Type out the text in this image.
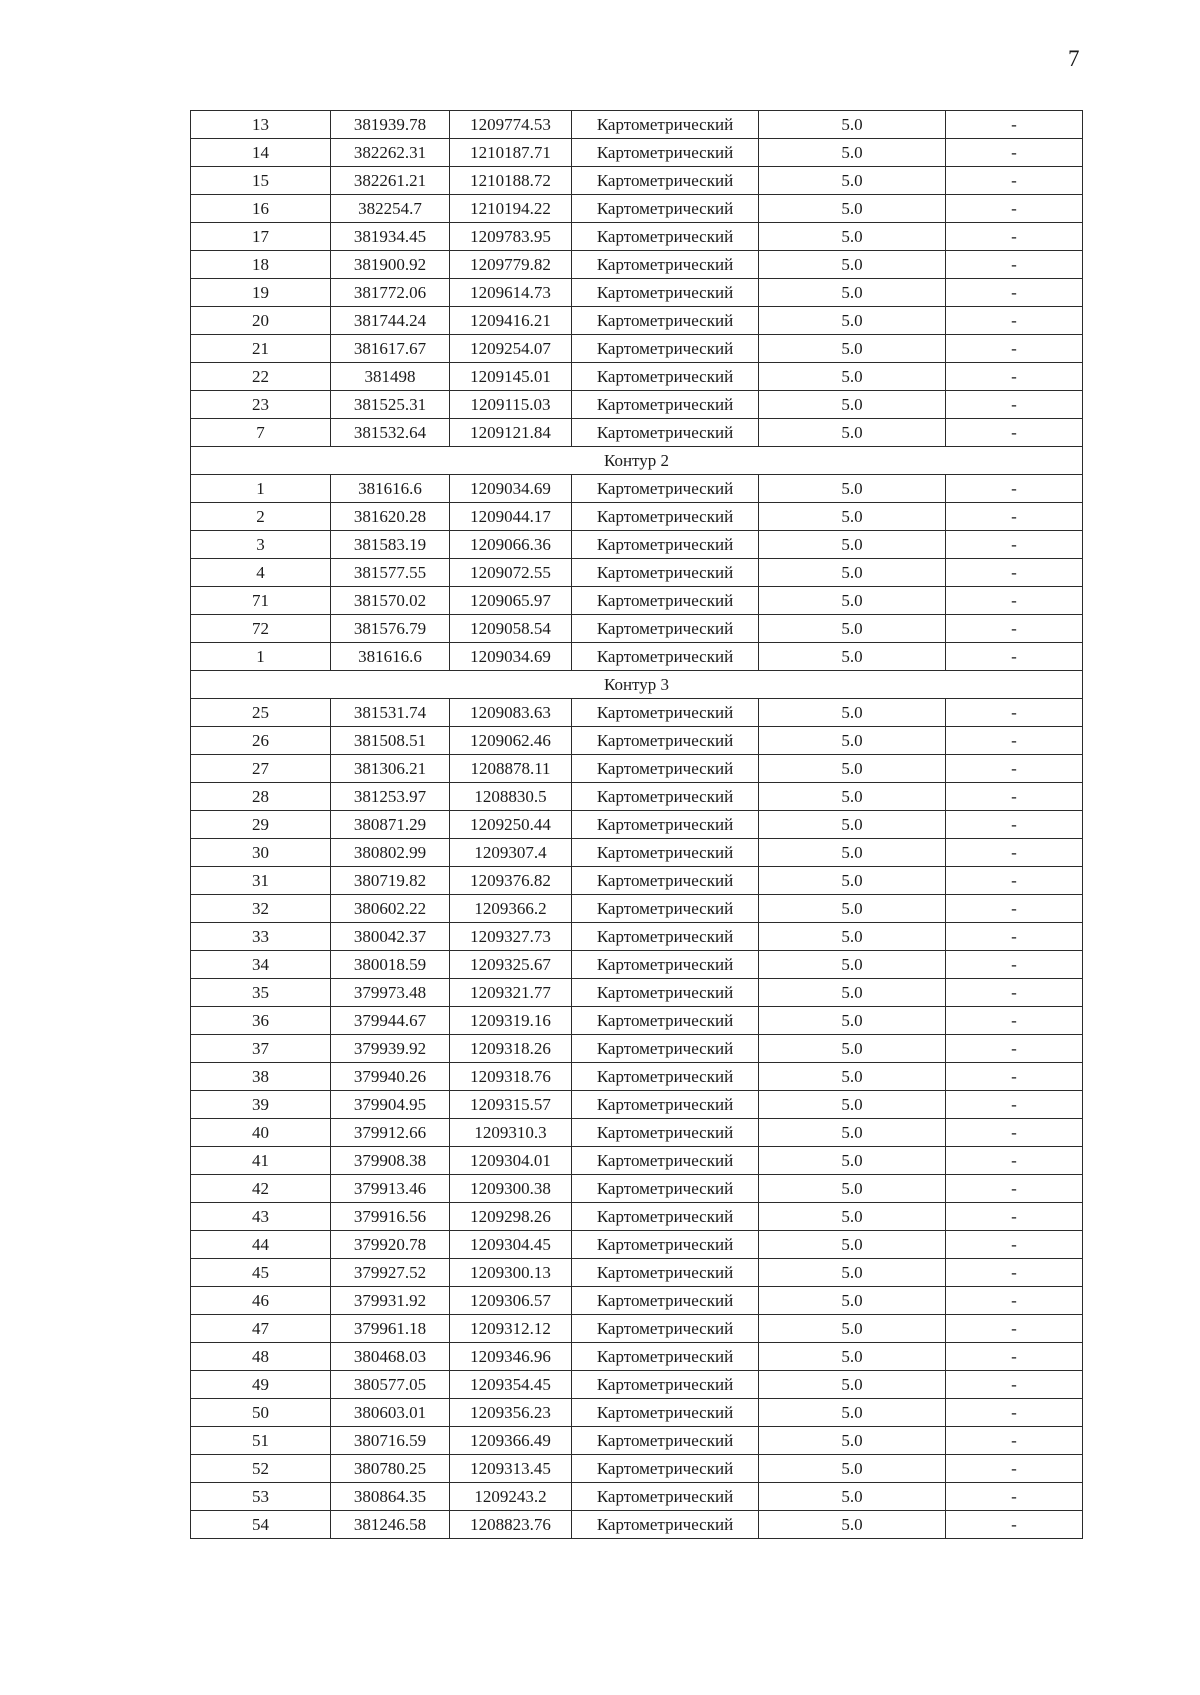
7
13	381939.78	1209774.53	Картометрический	5.0	-
14	382262.31	1210187.71	Картометрический	5.0	-
15	382261.21	1210188.72	Картометрический	5.0	-
16	382254.7	1210194.22	Картометрический	5.0	-
17	381934.45	1209783.95	Картометрический	5.0	-
18	381900.92	1209779.82	Картометрический	5.0	-
19	381772.06	1209614.73	Картометрический	5.0	-
20	381744.24	1209416.21	Картометрический	5.0	-
21	381617.67	1209254.07	Картометрический	5.0	-
22	381498	1209145.01	Картометрический	5.0	-
23	381525.31	1209115.03	Картометрический	5.0	-
7	381532.64	1209121.84	Картометрический	5.0	-
Контур 2					
1	381616.6	1209034.69	Картометрический	5.0	-
2	381620.28	1209044.17	Картометрический	5.0	-
3	381583.19	1209066.36	Картометрический	5.0	-
4	381577.55	1209072.55	Картометрический	5.0	-
71	381570.02	1209065.97	Картометрический	5.0	-
72	381576.79	1209058.54	Картометрический	5.0	-
1	381616.6	1209034.69	Картометрический	5.0	-
Контур 3					
25	381531.74	1209083.63	Картометрический	5.0	-
26	381508.51	1209062.46	Картометрический	5.0	-
27	381306.21	1208878.11	Картометрический	5.0	-
28	381253.97	1208830.5	Картометрический	5.0	-
29	380871.29	1209250.44	Картометрический	5.0	-
30	380802.99	1209307.4	Картометрический	5.0	-
31	380719.82	1209376.82	Картометрический	5.0	-
32	380602.22	1209366.2	Картометрический	5.0	-
33	380042.37	1209327.73	Картометрический	5.0	-
34	380018.59	1209325.67	Картометрический	5.0	-
35	379973.48	1209321.77	Картометрический	5.0	-
36	379944.67	1209319.16	Картометрический	5.0	-
37	379939.92	1209318.26	Картометрический	5.0	-
38	379940.26	1209318.76	Картометрический	5.0	-
39	379904.95	1209315.57	Картометрический	5.0	-
40	379912.66	1209310.3	Картометрический	5.0	-
41	379908.38	1209304.01	Картометрический	5.0	-
42	379913.46	1209300.38	Картометрический	5.0	-
43	379916.56	1209298.26	Картометрический	5.0	-
44	379920.78	1209304.45	Картометрический	5.0	-
45	379927.52	1209300.13	Картометрический	5.0	-
46	379931.92	1209306.57	Картометрический	5.0	-
47	379961.18	1209312.12	Картометрический	5.0	-
48	380468.03	1209346.96	Картометрический	5.0	-
49	380577.05	1209354.45	Картометрический	5.0	-
50	380603.01	1209356.23	Картометрический	5.0	-
51	380716.59	1209366.49	Картометрический	5.0	-
52	380780.25	1209313.45	Картометрический	5.0	-
53	380864.35	1209243.2	Картометрический	5.0	-
54	381246.58	1208823.76	Картометрический	5.0	-
